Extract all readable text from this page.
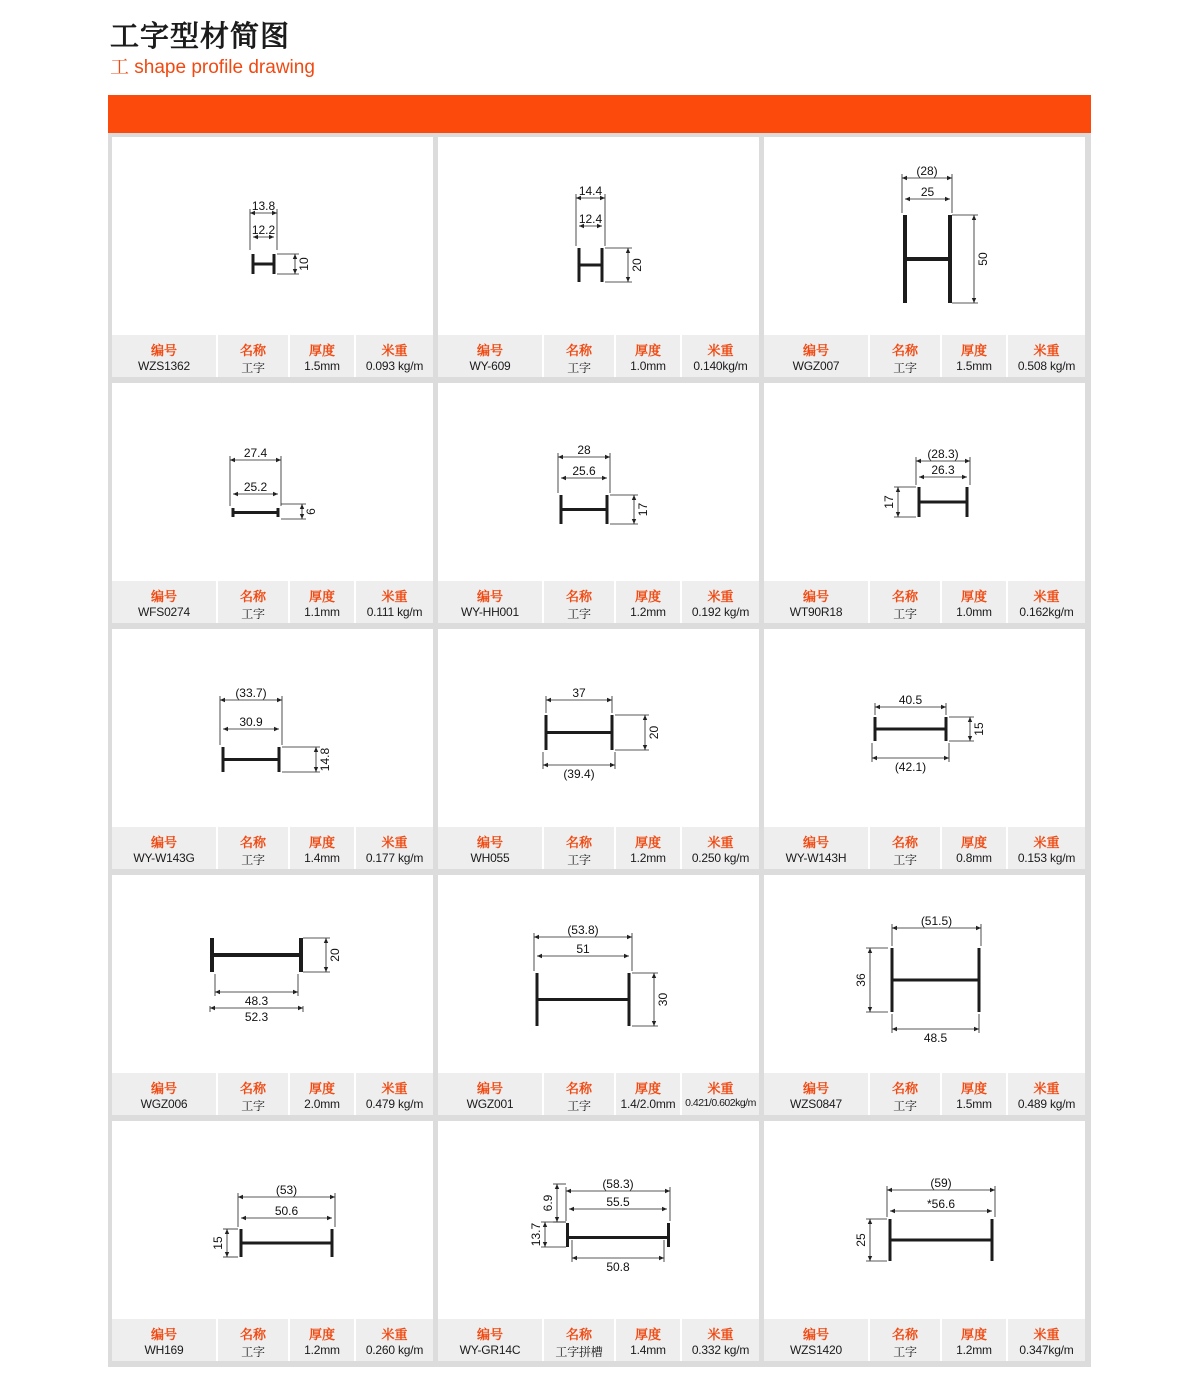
工字型材简图
工 shape profile drawing
13.8
12.2
10
编号
WZS1362
名称
工字
厚度
1.5mm
米重
0.093 kg/m
14.4
12.4
20
编号
WY-609
名称
工字
厚度
1.0mm
米重
0.140kg/m
(28)
25
50
编号
WGZ007
名称
工字
厚度
1.5mm
米重
0.508 kg/m
27.4
25.2
6
编号
WFS0274
名称
工字
厚度
1.1mm
米重
0.111 kg/m
28
25.6
17
编号
WY-HH001
名称
工字
厚度
1.2mm
米重
0.192 kg/m
(28.3)
26.3
17
编号
WT90R18
名称
工字
厚度
1.0mm
米重
0.162kg/m
(33.7)
30.9
14.8
编号
WY-W143G
名称
工字
厚度
1.4mm
米重
0.177 kg/m
37
(39.4)
20
编号
WH055
名称
工字
厚度
1.2mm
米重
0.250 kg/m
40.5
(42.1)
15
编号
WY-W143H
名称
工字
厚度
0.8mm
米重
0.153 kg/m
48.3
52.3
20
编号
WGZ006
名称
工字
厚度
2.0mm
米重
0.479 kg/m
(53.8)
51
30
编号
WGZ001
名称
工字
厚度
1.4/2.0mm
米重
0.421/0.602kg/m
(51.5)
48.5
36
编号
WZS0847
名称
工字
厚度
1.5mm
米重
0.489 kg/m
(53)
50.6
15
编号
WH169
名称
工字
厚度
1.2mm
米重
0.260 kg/m
(58.3)
55.5
50.8
6.9
13.7
编号
WY-GR14C
名称
工字拼槽
厚度
1.4mm
米重
0.332 kg/m
(59)
*56.6
25
编号
WZS1420
名称
工字
厚度
1.2mm
米重
0.347kg/m
